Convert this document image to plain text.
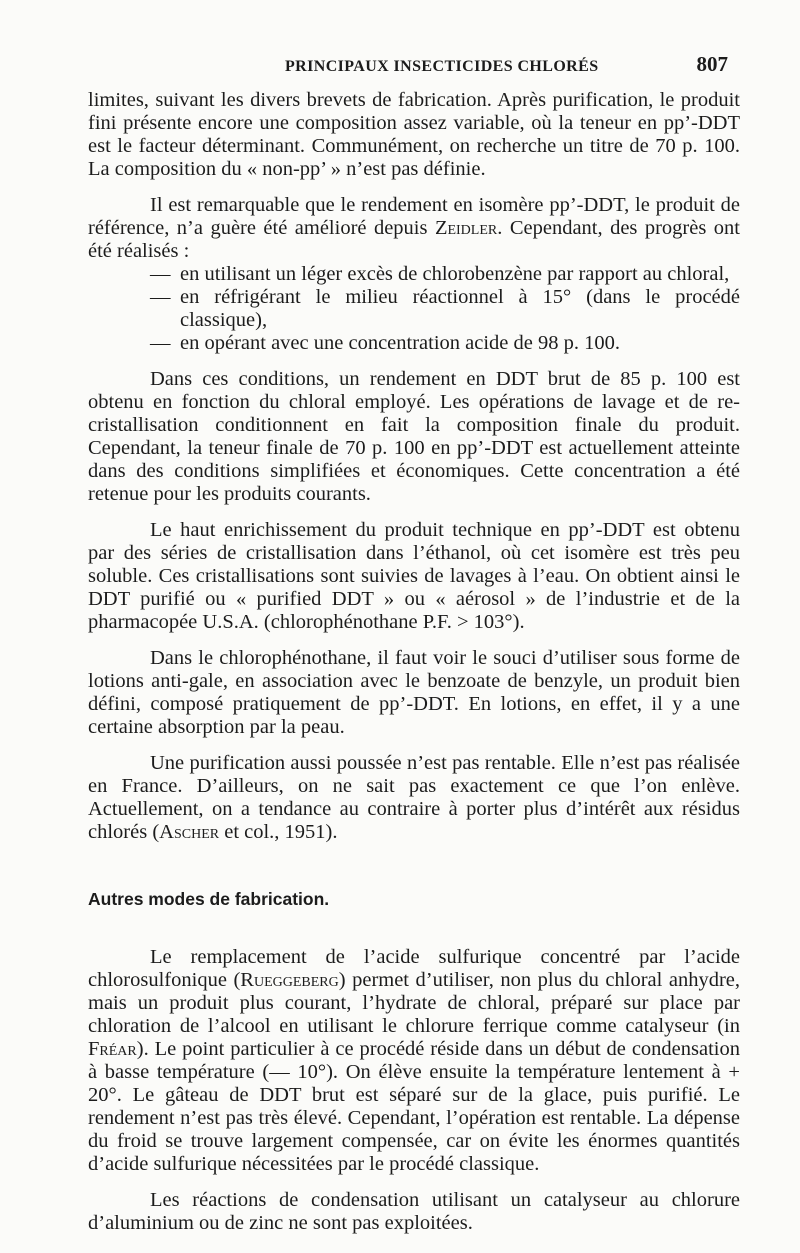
PRINCIPAUX INSECTICIDES CHLORÉS	807

limites, suivant les divers brevets de fabrication. Après purification, le produit fini présente encore une composition assez variable, où la teneur en pp’-DDT est le facteur déterminant. Communément, on recherche un titre de 70 p. 100. La composition du « non-pp’ » n’est pas définie.

Il est remarquable que le rendement en isomère pp’-DDT, le produit de référence, n’a guère été amélioré depuis Zeidler. Cependant, des progrès ont été réalisés :

— en utilisant un léger excès de chlorobenzène par rapport au chloral,
— en réfrigérant le milieu réactionnel à 15° (dans le procédé classique),
— en opérant avec une concentration acide de 98 p. 100.

Dans ces conditions, un rendement en DDT brut de 85 p. 100 est obtenu en fonction du chloral employé. Les opérations de lavage et de re-cristallisation conditionnent en fait la composition finale du produit. Cependant, la teneur finale de 70 p. 100 en pp’-DDT est actuellement atteinte dans des conditions simplifiées et économiques. Cette concentration a été retenue pour les produits courants.

Le haut enrichissement du produit technique en pp’-DDT est obtenu par des séries de cristallisation dans l’éthanol, où cet isomère est très peu soluble. Ces cristallisations sont suivies de lavages à l’eau. On obtient ainsi le DDT purifié ou « purified DDT » ou « aérosol » de l’industrie et de la pharmacopée U.S.A. (chlorophénothane P.F. > 103°).

Dans le chlorophénothane, il faut voir le souci d’utiliser sous forme de lotions anti-gale, en association avec le benzoate de benzyle, un produit bien défini, composé pratiquement de pp’-DDT. En lotions, en effet, il y a une certaine absorption par la peau.

Une purification aussi poussée n’est pas rentable. Elle n’est pas réalisée en France. D’ailleurs, on ne sait pas exactement ce que l’on enlève. Actuellement, on a tendance au contraire à porter plus d’intérêt aux résidus chlorés (Ascher et col., 1951).

Autres modes de fabrication.

Le remplacement de l’acide sulfurique concentré par l’acide chlorosulfonique (Rueggeberg) permet d’utiliser, non plus du chloral anhydre, mais un produit plus courant, l’hydrate de chloral, préparé sur place par chloration de l’alcool en utilisant le chlorure ferrique comme catalyseur (in Fréar). Le point particulier à ce procédé réside dans un début de condensation à basse température (— 10°). On élève ensuite la température lentement à + 20°. Le gâteau de DDT brut est séparé sur de la glace, puis purifié. Le rendement n’est pas très élevé. Cependant, l’opération est rentable. La dépense du froid se trouve largement compensée, car on évite les énormes quantités d’acide sulfurique nécessitées par le procédé classique.

Les réactions de condensation utilisant un catalyseur au chlorure d’aluminium ou de zinc ne sont pas exploitées.
